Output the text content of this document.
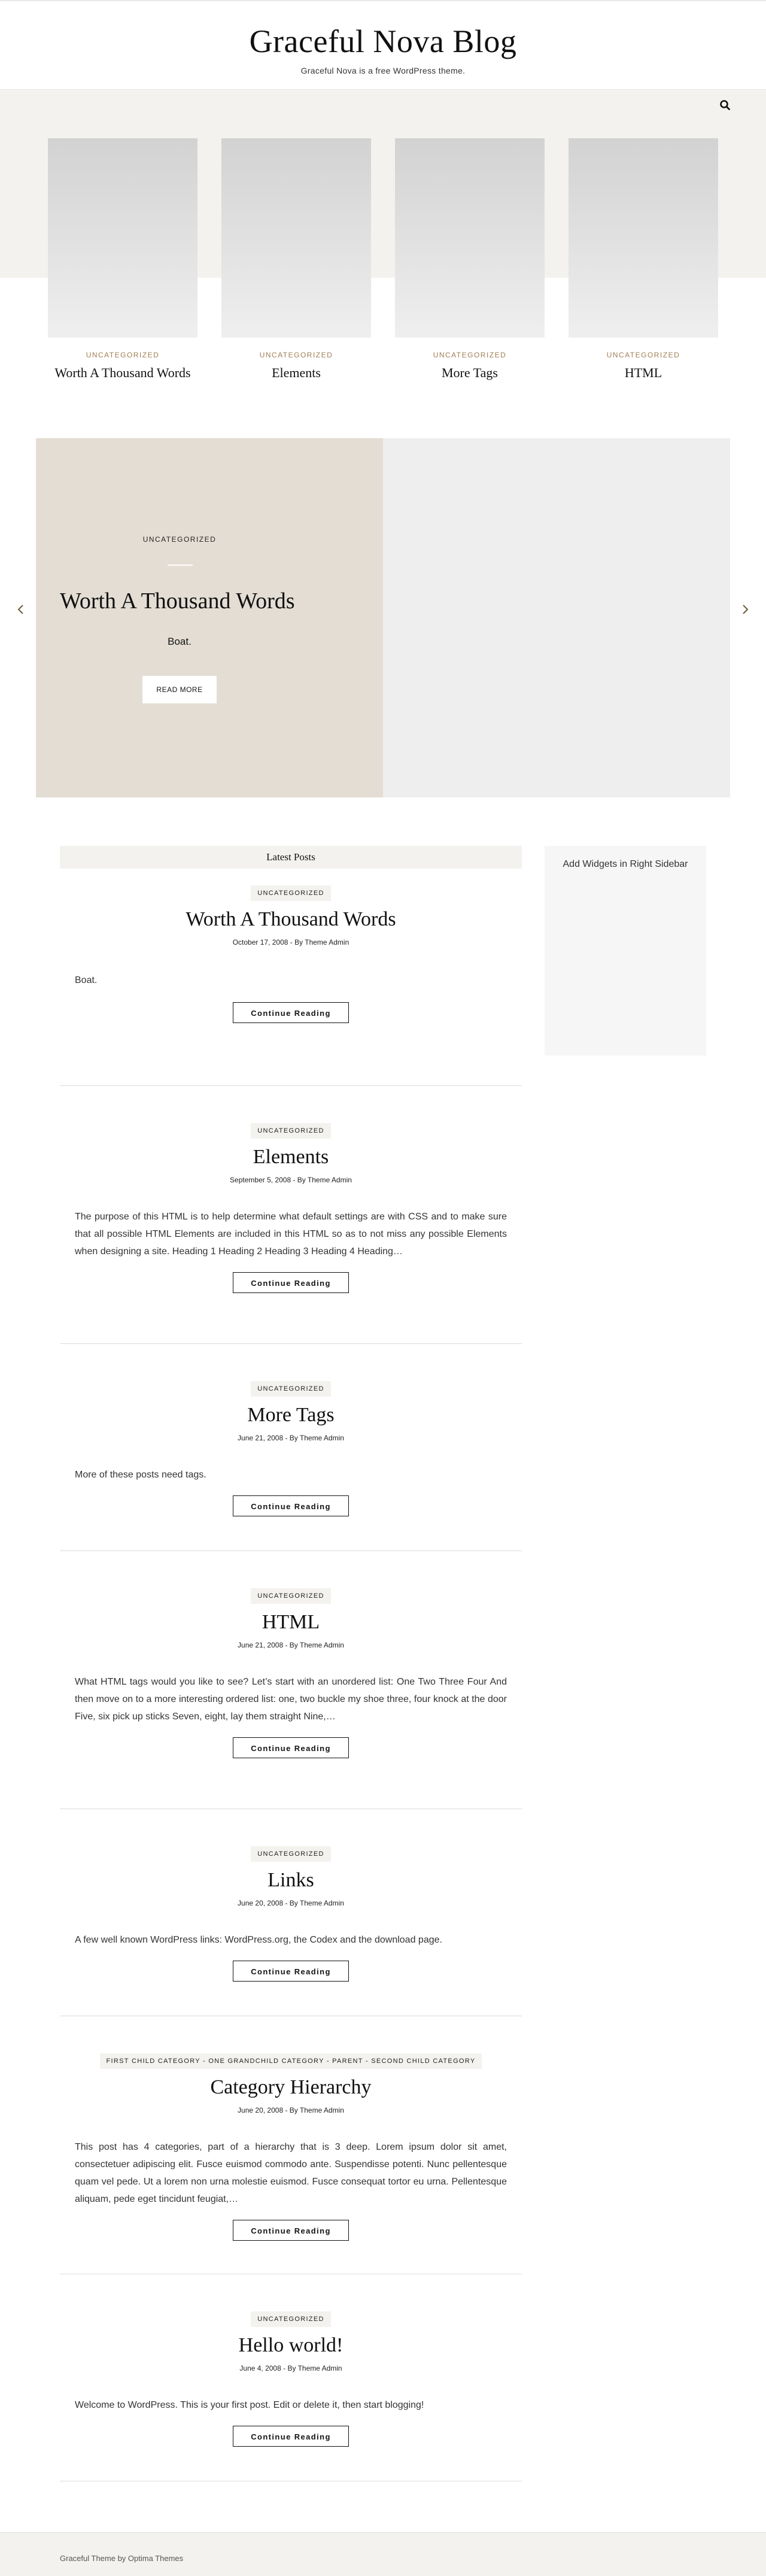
Graceful Nova Blog
Graceful Nova is a free WordPress theme.
UNCATEGORIZED
Worth A Thousand Words
UNCATEGORIZED
Elements
UNCATEGORIZED
More Tags
UNCATEGORIZED
HTML
UNCATEGORIZED
Worth A Thousand Words
Boat.
READ MORE
Latest Posts
UNCATEGORIZED
Worth A Thousand Words
October 17, 2008 - By Theme Admin
Boat.
Continue Reading
UNCATEGORIZED
Elements
September 5, 2008 - By Theme Admin
The purpose of this HTML is to help determine what default settings are with CSS and to make sure that all possible HTML Elements are included in this HTML so as to not miss any possible Elements when designing a site. Heading 1 Heading 2 Heading 3 Heading 4 Heading…
Continue Reading
UNCATEGORIZED
More Tags
June 21, 2008 - By Theme Admin
More of these posts need tags.
Continue Reading
UNCATEGORIZED
HTML
June 21, 2008 - By Theme Admin
What HTML tags would you like to see? Let’s start with an unordered list: One Two Three Four And then move on to a more interesting ordered list: one, two buckle my shoe three, four knock at the door Five, six pick up sticks Seven, eight, lay them straight Nine,…
Continue Reading
UNCATEGORIZED
Links
June 20, 2008 - By Theme Admin
A few well known WordPress links: WordPress.org, the Codex and the download page.
Continue Reading
FIRST CHILD CATEGORY - ONE GRANDCHILD CATEGORY - PARENT - SECOND CHILD CATEGORY
Category Hierarchy
June 20, 2008 - By Theme Admin
This post has 4 categories, part of a hierarchy that is 3 deep. Lorem ipsum dolor sit amet, consectetuer adipiscing elit. Fusce euismod commodo ante. Suspendisse potenti. Nunc pellentesque quam vel pede. Ut a lorem non urna molestie euismod. Fusce consequat tortor eu urna. Pellentesque aliquam, pede eget tincidunt feugiat,…
Continue Reading
UNCATEGORIZED
Hello world!
June 4, 2008 - By Theme Admin
Welcome to WordPress. This is your first post. Edit or delete it, then start blogging!
Continue Reading
Add Widgets in Right Sidebar
Graceful Theme by Optima Themes
